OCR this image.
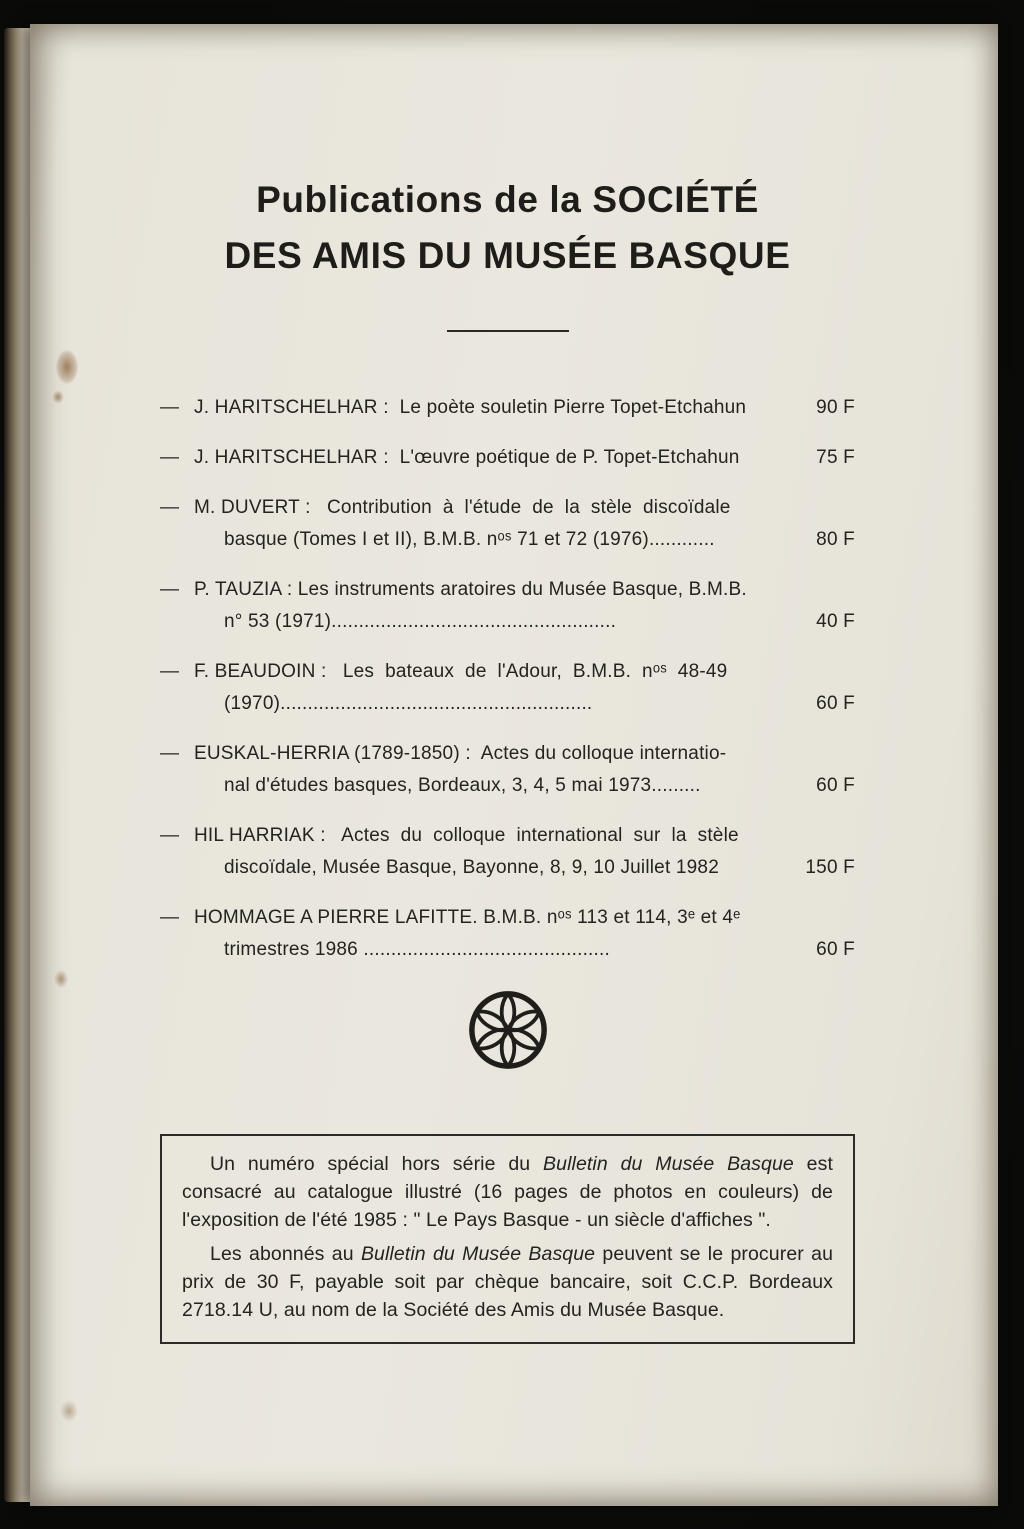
Publications de la SOCIÉTÉ
DES AMIS DU MUSÉE BASQUE
— J. HARITSCHELHAR :  Le poète souletin Pierre Topet-Etchahun	90 F
— J. HARITSCHELHAR :  L'œuvre poétique de P. Topet-Etchahun	75 F
— M. DUVERT :   Contribution  à  l'étude  de  la  stèle  discoïdale
basque (Tomes I et II), B.M.B. nᵒˢ 71 et 72 (1976)............	80 F
— P. TAUZIA : Les instruments aratoires du Musée Basque, B.M.B.
n° 53 (1971)....................................................	40 F
— F. BEAUDOIN :   Les  bateaux  de  l'Adour,  B.M.B.  nᵒˢ  48-49
(1970).........................................................	60 F
— EUSKAL-HERRIA (1789-1850) :  Actes du colloque internatio-
nal d'études basques, Bordeaux, 3, 4, 5 mai 1973.........	60 F
— HIL HARRIAK :   Actes  du  colloque  international  sur  la  stèle
discoïdale, Musée Basque, Bayonne, 8, 9, 10 Juillet 1982	150 F
— HOMMAGE A PIERRE LAFITTE. B.M.B. nᵒˢ 113 et 114, 3ᵉ et 4ᵉ
trimestres 1986 .............................................	60 F

Un numéro spécial hors série du Bulletin du Musée Basque est consacré au catalogue illustré (16 pages de photos en couleurs) de l'exposition de l'été 1985 : " Le Pays Basque - un siècle d'affiches ".

Les abonnés au Bulletin du Musée Basque peuvent se le procurer au prix de 30 F, payable soit par chèque bancaire, soit C.C.P. Bordeaux 2718.14 U, au nom de la Société des Amis du Musée Basque.
